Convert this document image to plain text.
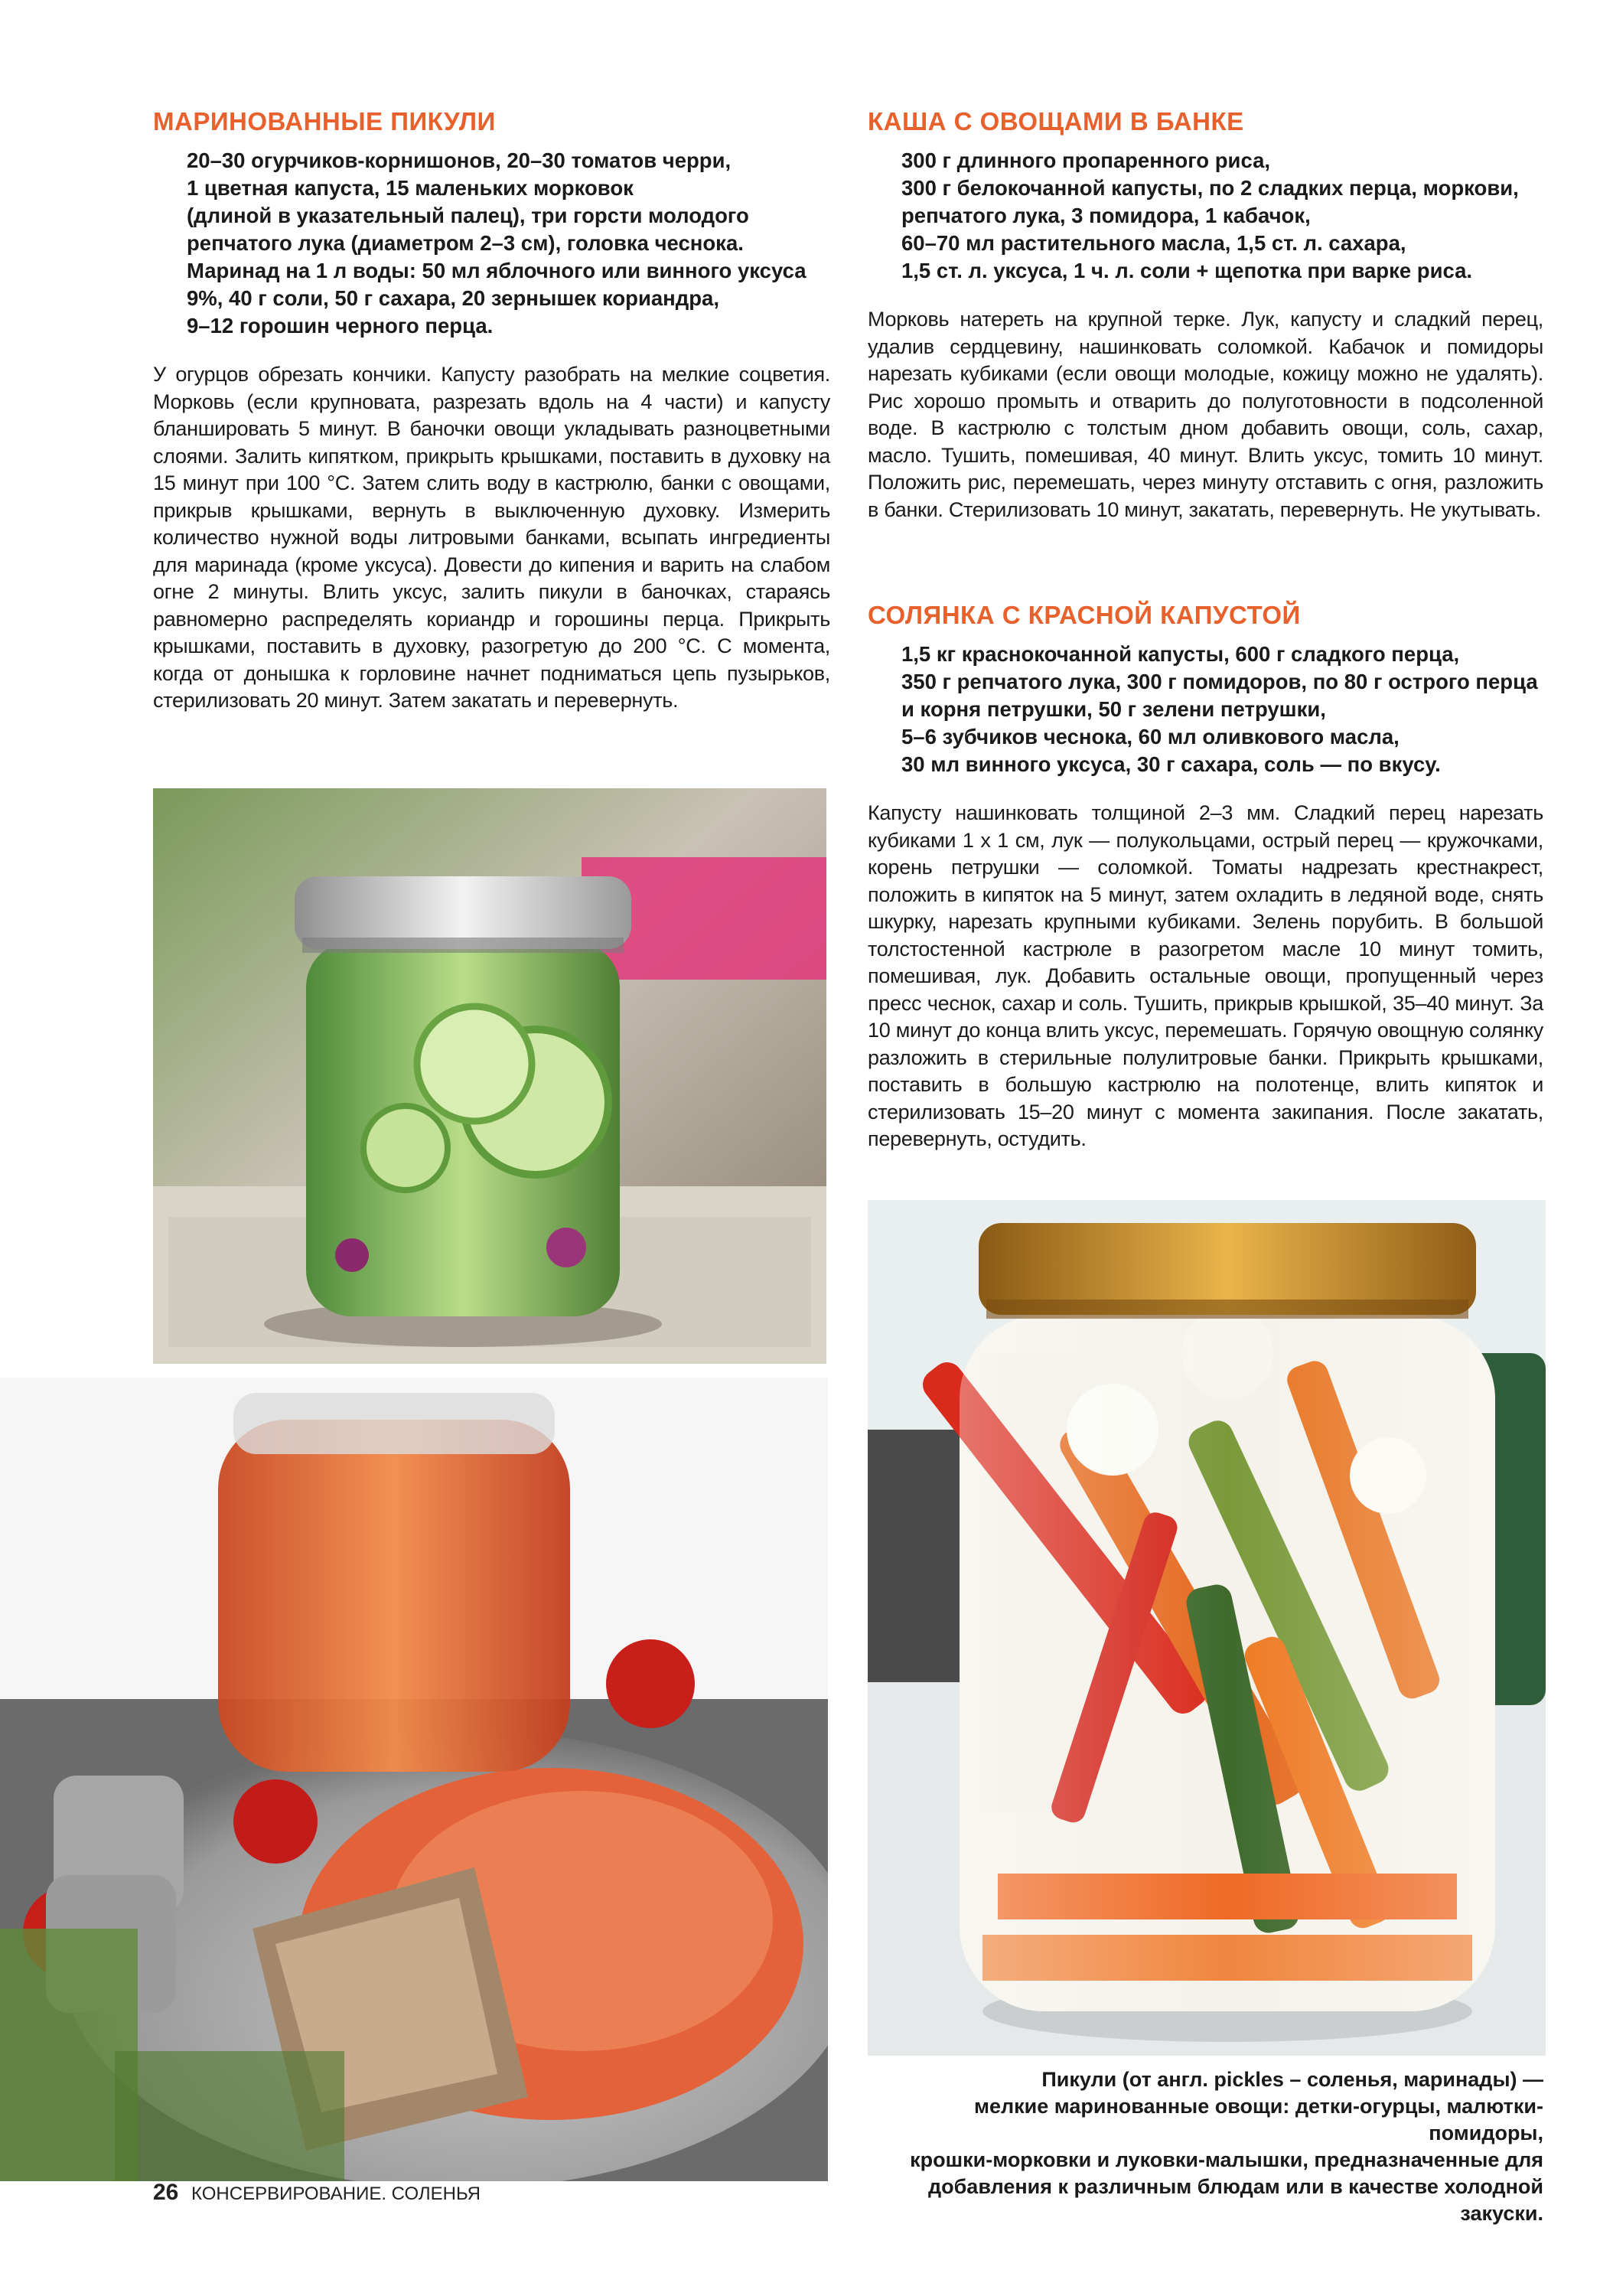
МАРИНОВАННЫЕ ПИКУЛИ

20–30 огурчиков-корнишонов, 20–30 томатов черри,
1 цветная капуста, 15 маленьких морковок
(длиной в указательный палец), три горсти молодого
репчатого лука (диаметром 2–3 см), головка чеснока.
Маринад на 1 л воды: 50 мл яблочного или винного уксуса
9%, 40 г соли, 50 г сахара, 20 зернышек кориандра,
9–12 горошин черного перца.

У огурцов обрезать кончики. Капусту разобрать на мелкие соцветия. Морковь (если крупновата, разрезать вдоль на 4 части) и капусту бланшировать 5 минут. В баночки овощи укладывать разноцветными слоями. Залить кипятком, прикрыть крышками, поставить в духовку на 15 минут при 100 °С. Затем слить воду в кастрюлю, банки с овощами, прикрыв крышками, вернуть в выключенную духовку. Измерить количество нужной воды литровыми банками, всыпать ингредиенты для маринада (кроме уксуса). Довести до кипения и варить на слабом огне 2 минуты. Влить уксус, залить пикули в баночках, стараясь равномерно распределять кориандр и горошины перца. Прикрыть крышками, поставить в духовку, разогретую до 200 °С. С момента, когда от донышка к горловине начнет подниматься цепь пузырьков, стерилизовать 20 минут. Затем закатать и перевернуть.

КАША С ОВОЩАМИ В БАНКЕ

300 г длинного пропаренного риса,
300 г белокочанной капусты, по 2 сладких перца, моркови,
репчатого лука, 3 помидора, 1 кабачок,
60–70 мл растительного масла, 1,5 ст. л. сахара,
1,5 ст. л. уксуса, 1 ч. л. соли + щепотка при варке риса.

Морковь натереть на крупной терке. Лук, капусту и сладкий перец, удалив сердцевину, нашинковать соломкой. Кабачок и помидоры нарезать кубиками (если овощи молодые, кожицу можно не удалять). Рис хорошо промыть и отварить до полуготовности в подсоленной воде. В кастрюлю с толстым дном добавить овощи, соль, сахар, масло. Тушить, помешивая, 40 минут. Влить уксус, томить 10 минут. Положить рис, перемешать, через минуту отставить с огня, разложить в банки. Стерилизовать 10 минут, закатать, перевернуть. Не укутывать.

СОЛЯНКА С КРАСНОЙ КАПУСТОЙ

1,5 кг краснокочанной капусты, 600 г сладкого перца,
350 г репчатого лука, 300 г помидоров, по 80 г острого перца
и корня петрушки, 50 г зелени петрушки,
5–6 зубчиков чеснока, 60 мл оливкового масла,
30 мл винного уксуса, 30 г сахара, соль — по вкусу.

Капусту нашинковать толщиной 2–3 мм. Сладкий перец нарезать кубиками 1 х 1 см, лук — полукольцами, острый перец — кружочками, корень петрушки — соломкой. Томаты надрезать крестнакрест, положить в кипяток на 5 минут, затем охладить в ледяной воде, снять шкурку, нарезать крупными кубиками. Зелень порубить. В большой толстостенной кастрюле в разогретом масле 10 минут томить, помешивая, лук. Добавить остальные овощи, пропущенный через пресс чеснок, сахар и соль. Тушить, прикрыв крышкой, 35–40 минут. За 10 минут до конца влить уксус, перемешать. Горячую овощную солянку разложить в стерильные полулитровые банки. Прикрыть крышками, поставить в большую кастрюлю на полотенце, влить кипяток и стерилизовать 15–20 минут с момента закипания. После закатать, перевернуть, остудить.

Пикули (от англ. pickles – соленья, маринады) —
мелкие маринованные овощи: детки-огурцы, малютки-помидоры,
крошки-морковки и луковки-малышки, предназначенные для
добавления к различным блюдам или в качестве холодной закуски.
26 КОНСЕРВИРОВАНИЕ. СОЛЕНЬЯ
